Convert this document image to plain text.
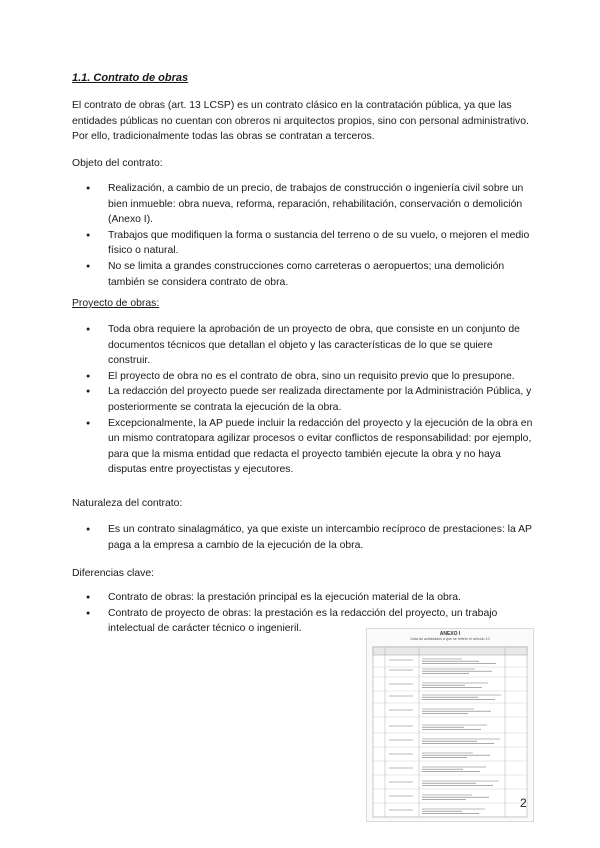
1.1. Contrato de obras

El contrato de obras (art. 13 LCSP) es un contrato clásico en la contratación pública, ya que las entidades públicas no cuentan con obreros ni arquitectos propios, sino con personal administrativo. Por ello, tradicionalmente todas las obras se contratan a terceros.

Objeto del contrato:

● Realización, a cambio de un precio, de trabajos de construcción o ingeniería civil sobre un bien inmueble: obra nueva, reforma, reparación, rehabilitación, conservación o demolición (Anexo I).
● Trabajos que modifiquen la forma o sustancia del terreno o de su vuelo, o mejoren el medio físico o natural.
● No se limita a grandes construcciones como carreteras o aeropuertos; una demolición también se considera contrato de obra.

Proyecto de obras:

● Toda obra requiere la aprobación de un proyecto de obra, que consiste en un conjunto de documentos técnicos que detallan el objeto y las características de lo que se quiere construir.
● El proyecto de obra no es el contrato de obra, sino un requisito previo que lo presupone.
● La redacción del proyecto puede ser realizada directamente por la Administración Pública, y posteriormente se contrata la ejecución de la obra.
● Excepcionalmente, la AP puede incluir la redacción del proyecto y la ejecución de la obra en un mismo contratopara agilizar procesos o evitar conflictos de responsabilidad: por ejemplo, para que la misma entidad que redacta el proyecto también ejecute la obra y no haya disputas entre proyectistas y ejecutores.

Naturaleza del contrato:

● Es un contrato sinalagmático, ya que existe un intercambio recíproco de prestaciones: la AP paga a la empresa a cambio de la ejecución de la obra.

Diferencias clave:

● Contrato de obras: la prestación principal es la ejecución material de la obra.
● Contrato de proyecto de obras: la prestación es la redacción del proyecto, un trabajo intelectual de carácter técnico o ingenieril.	ANEXO I
Lista de actividades a que se refiere el artículo 13
2
